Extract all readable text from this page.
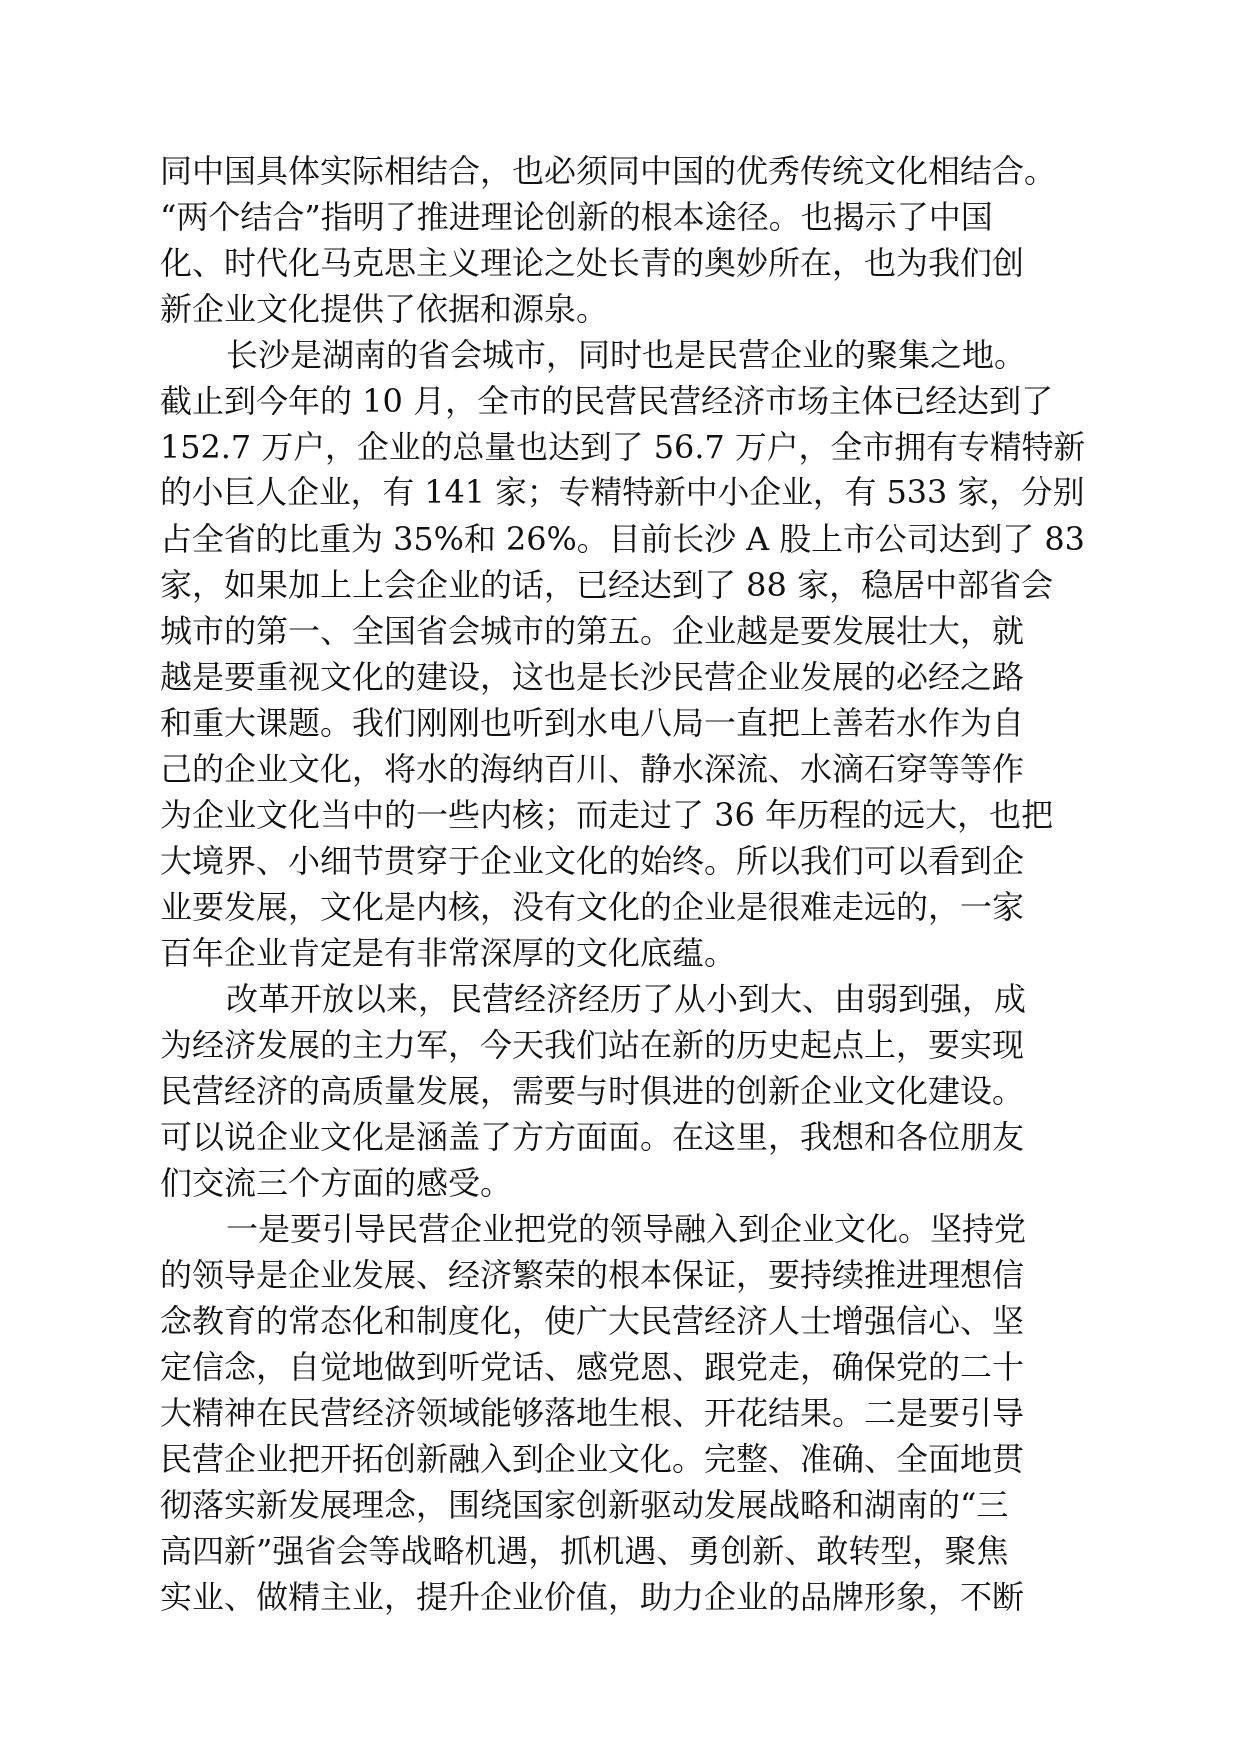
同中国具体实际相结合，也必须同中国的优秀传统文化相结合。
“两个结合”指明了推进理论创新的根本途径。也揭示了中国
化、时代化马克思主义理论之处长青的奥妙所在，也为我们创
新企业文化提供了依据和源泉。
长沙是湖南的省会城市，同时也是民营企业的聚集之地。
截止到今年的 10 月，全市的民营民营经济市场主体已经达到了
152.7 万户，企业的总量也达到了 56.7 万户，全市拥有专精特新
的小巨人企业，有 141 家；专精特新中小企业，有 533 家，分别
占全省的比重为 35%和 26%。目前长沙 A 股上市公司达到了 83
家，如果加上上会企业的话，已经达到了 88 家，稳居中部省会
城市的第一、全国省会城市的第五。企业越是要发展壮大，就
越是要重视文化的建设，这也是长沙民营企业发展的必经之路
和重大课题。我们刚刚也听到水电八局一直把上善若水作为自
己的企业文化，将水的海纳百川、静水深流、水滴石穿等等作
为企业文化当中的一些内核；而走过了 36 年历程的远大，也把
大境界、小细节贯穿于企业文化的始终。所以我们可以看到企
业要发展，文化是内核，没有文化的企业是很难走远的，一家
百年企业肯定是有非常深厚的文化底蕴。
改革开放以来，民营经济经历了从小到大、由弱到强，成
为经济发展的主力军，今天我们站在新的历史起点上，要实现
民营经济的高质量发展，需要与时俱进的创新企业文化建设。
可以说企业文化是涵盖了方方面面。在这里，我想和各位朋友
们交流三个方面的感受。
一是要引导民营企业把党的领导融入到企业文化。坚持党
的领导是企业发展、经济繁荣的根本保证，要持续推进理想信
念教育的常态化和制度化，使广大民营经济人士增强信心、坚
定信念，自觉地做到听党话、感党恩、跟党走，确保党的二十
大精神在民营经济领域能够落地生根、开花结果。二是要引导
民营企业把开拓创新融入到企业文化。完整、准确、全面地贯
彻落实新发展理念，围绕国家创新驱动发展战略和湖南的“三
高四新”强省会等战略机遇，抓机遇、勇创新、敢转型，聚焦
实业、做精主业，提升企业价值，助力企业的品牌形象，不断
